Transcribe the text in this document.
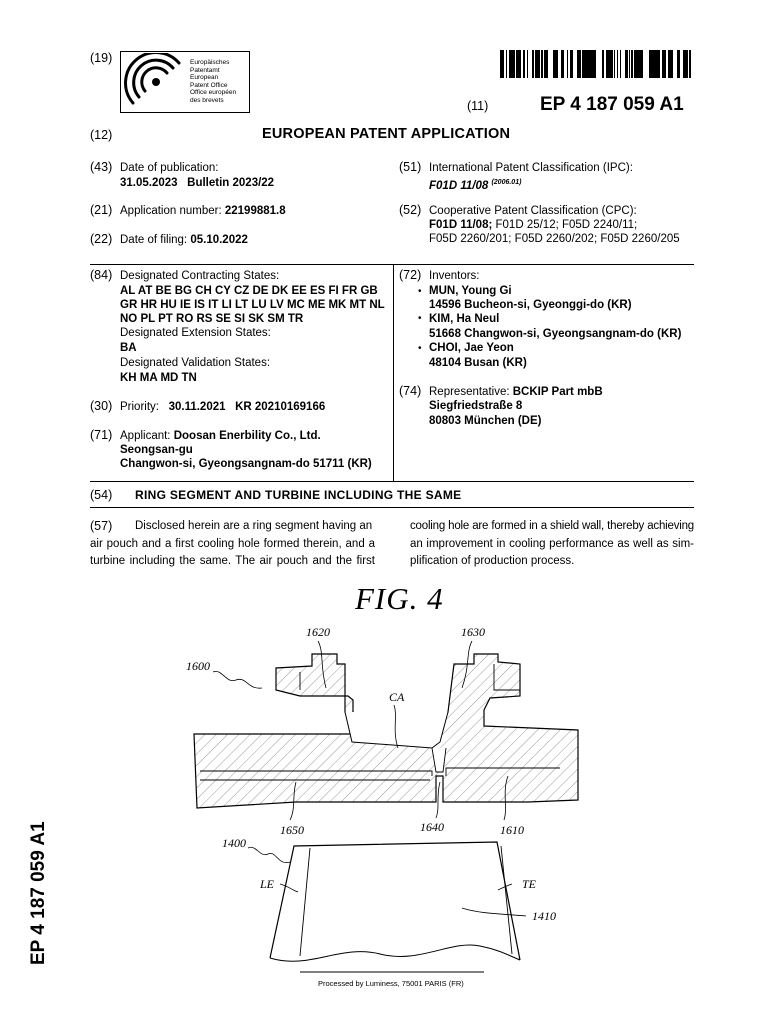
(19)	Europäisches
Patentamt
European
Patent Office
Office européen
des brevets	(11)	EP 4 187 059 A1
(12)	EUROPEAN PATENT APPLICATION
(43) Date of publication:
31.05.2023   Bulletin 2023/22
(21) Application number: 22199881.8
(22) Date of filing: 05.10.2022
(51) International Patent Classification (IPC):
F01D 11/08 $^{(2006.01)}$
(52) Cooperative Patent Classification (CPC):
F01D 11/08; F01D 25/12; F05D 2240/11;
F05D 2260/201; F05D 2260/202; F05D 2260/205
(84) Designated Contracting States:
AL AT BE BG CH CY CZ DE DK EE ES FI FR GB
GR HR HU IE IS IT LI LT LU LV MC ME MK MT NL
NO PL PT RO RS SE SI SK SM TR
Designated Extension States:
BA
Designated Validation States:
KH MA MD TN
(30) Priority: 30.11.2021   KR 20210169166
(71) Applicant: Doosan Enerbility Co., Ltd.
Seongsan-gu
Changwon-si, Gyeongsangnam-do 51711 (KR)
(72) Inventors:
• MUN, Young Gi
14596 Bucheon-si, Gyeonggi-do (KR)
• KIM, Ha Neul
51668 Changwon-si, Gyeongsangnam-do (KR)
• CHOI, Jae Yeon
48104 Busan (KR)
(74) Representative: BCKIP Part mbB
Siegfriedstraße 8
80803 München (DE)
(54) RING SEGMENT AND TURBINE INCLUDING THE SAME
(57)	Disclosed herein are a ring segment having an
air pouch and a first cooling hole formed therein, and a
turbine including the same. The air pouch and the first
cooling hole are formed in a shield wall, thereby achieving
an improvement in cooling performance as well as sim-
plification of production process.
FIG. 4
1600
1620	1630
CA
1650	1640	1610
1400
LE	TE
1410
EP 4 187 059 A1
Processed by Luminess, 75001 PARIS (FR)
